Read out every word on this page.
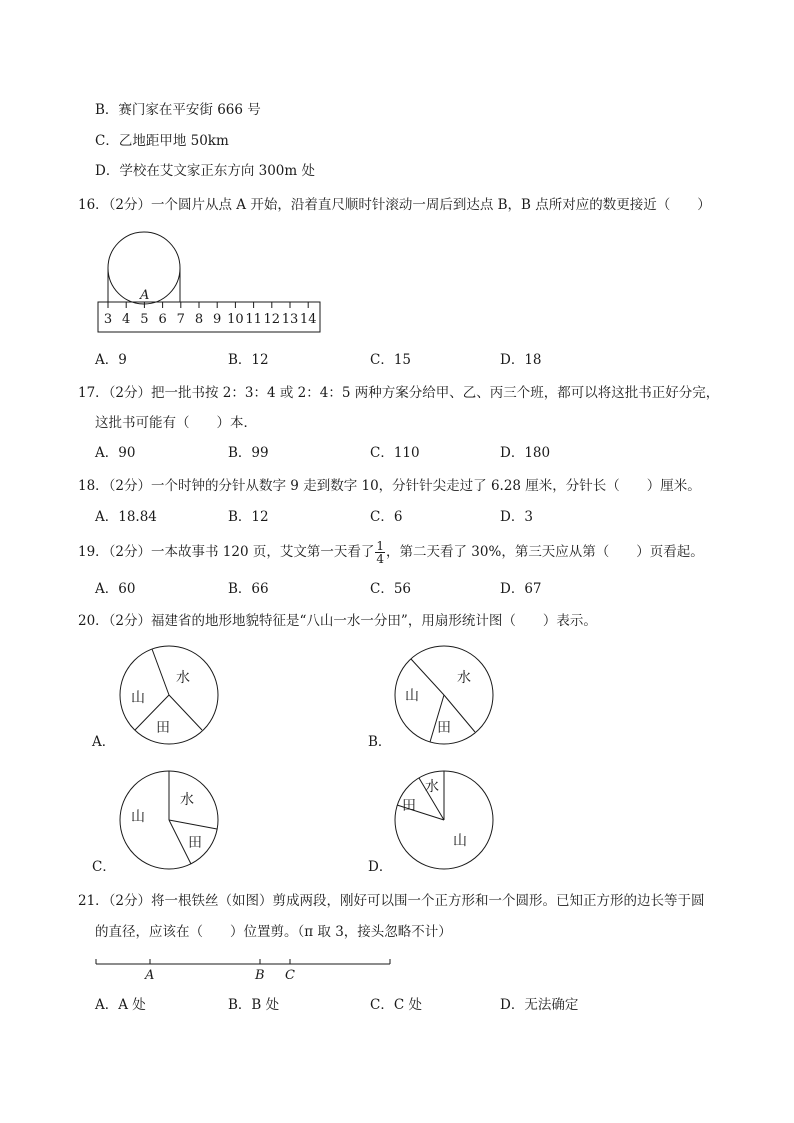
B．赛门家在平安街 666 号
C．乙地距甲地 50km
D．学校在艾文家正东方向 300m 处
16．（2分）一个圆片从点 A 开始，沿着直尺顺时针滚动一周后到达点 B，B 点所对应的数更接近（　　）
A
3 4 5 6 7 8 9 10 11 12 13 14
A．9	B．12	C．15	D．18
17．（2分）把一批书按 2：3：4 或 2：4：5 两种方案分给甲、乙、丙三个班，都可以将这批书正好分完，
这批书可能有（　　）本．
A．90	B．99	C．110	D．180
18．（2分）一个时钟的分针从数字 9 走到数字 10，分针针尖走过了 6.28 厘米，分针长（　　）厘米。
A．18.84	B．12	C．6	D．3
19．（2分）一本故事书 120 页，艾文第一天看了 $\frac{1}{4}$ ，第二天看了 30%，第三天应从第（　　）页看起。
A．60	B．66	C．56	D．67
20．（2分）福建省的地形地貌特征是“八山一水一分田”，用扇形统计图（　　）表示。
水
山
田
A．
水
山
田
B．
水
山
田
C．
水
田
山
D．
21．（2分）将一根铁丝（如图）剪成两段，刚好可以围一个正方形和一个圆形。已知正方形的边长等于圆
的直径，应该在（　　）位置剪。（π 取 3，接头忽略不计）
A	B C
A．A 处	B．B 处	C．C 处	D．无法确定
